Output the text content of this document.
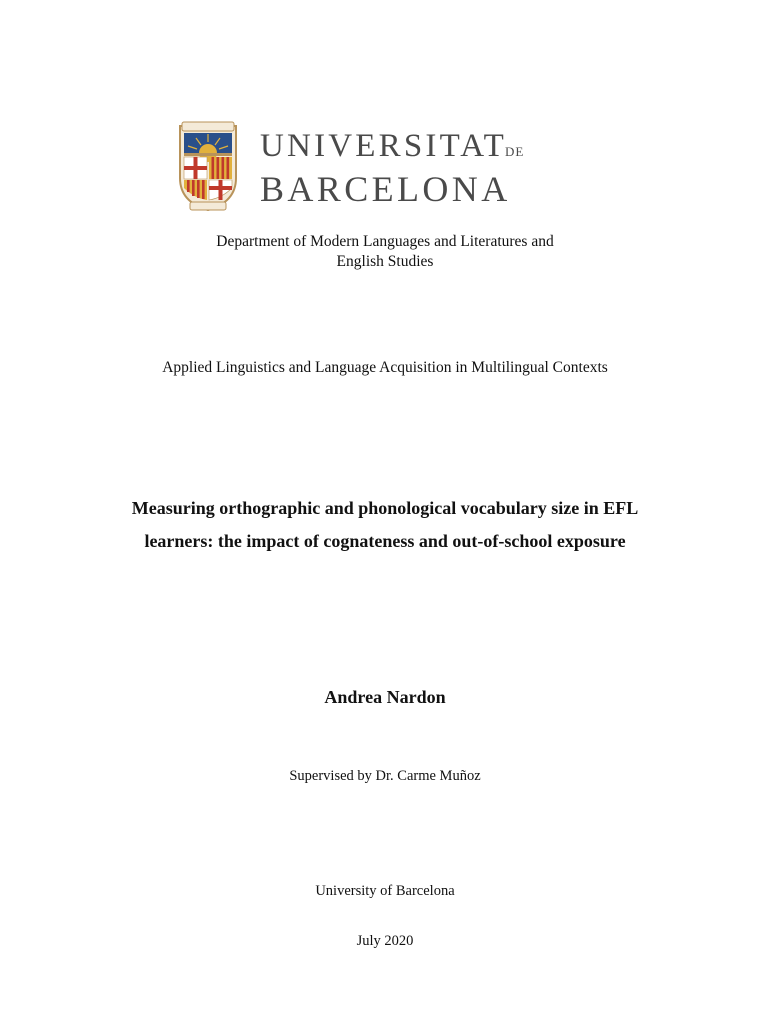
UNIVERSITATDE
BARCELONA
Department of Modern Languages and Literatures and
English Studies
Applied Linguistics and Language Acquisition in Multilingual Contexts
Measuring orthographic and phonological vocabulary size in EFL
learners: the impact of cognateness and out-of-school exposure
Andrea Nardon
Supervised by Dr. Carme Muñoz
University of Barcelona
July 2020
